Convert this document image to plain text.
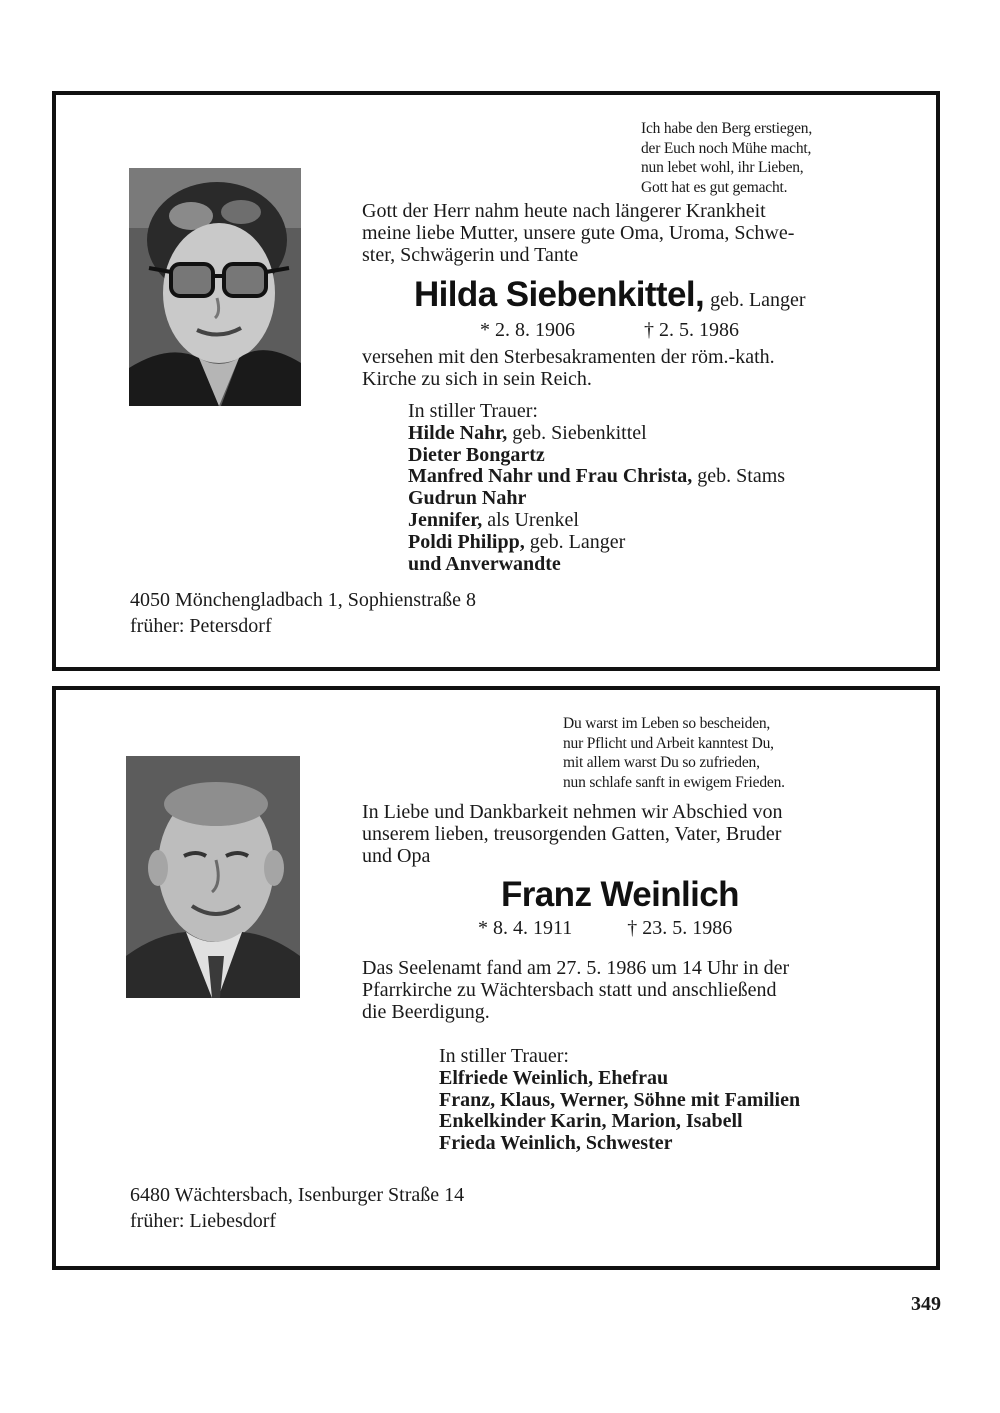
Ich habe den Berg erstiegen,
der Euch noch Mühe macht,
nun lebet wohl, ihr Lieben,
Gott hat es gut gemacht.
Gott der Herr nahm heute nach längerer Krankheit
meine liebe Mutter, unsere gute Oma, Uroma, Schwe-
ster, Schwägerin und Tante
Hilda Siebenkittel, geb. Langer
* 2. 8. 1906	† 2. 5. 1986
versehen mit den Sterbesakramenten der röm.-kath.
Kirche zu sich in sein Reich.
In stiller Trauer:
Hilde Nahr, geb. Siebenkittel
Dieter Bongartz
Manfred Nahr und Frau Christa, geb. Stams
Gudrun Nahr
Jennifer, als Urenkel
Poldi Philipp, geb. Langer
und Anverwandte
4050 Mönchengladbach 1, Sophienstraße 8
früher: Petersdorf
Du warst im Leben so bescheiden,
nur Pflicht und Arbeit kanntest Du,
mit allem warst Du so zufrieden,
nun schlafe sanft in ewigem Frieden.
In Liebe und Dankbarkeit nehmen wir Abschied von
unserem lieben, treusorgenden Gatten, Vater, Bruder
und Opa
Franz Weinlich
* 8. 4. 1911	† 23. 5. 1986
Das Seelenamt fand am 27. 5. 1986 um 14 Uhr in der
Pfarrkirche zu Wächtersbach statt und anschließend
die Beerdigung.
In stiller Trauer:
Elfriede Weinlich, Ehefrau
Franz, Klaus, Werner, Söhne mit Familien
Enkelkinder Karin, Marion, Isabell
Frieda Weinlich, Schwester
6480 Wächtersbach, Isenburger Straße 14
früher: Liebesdorf
349
